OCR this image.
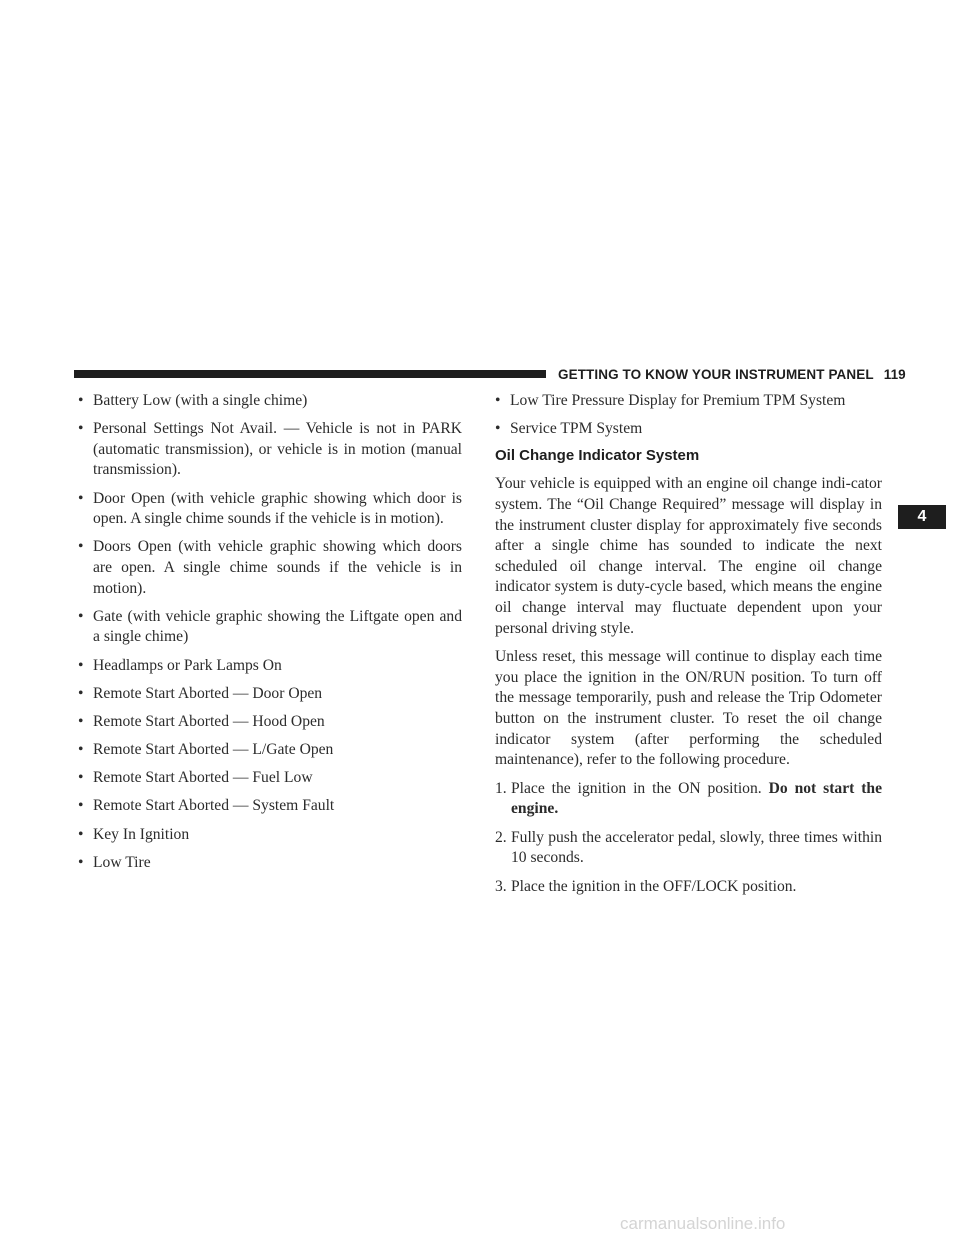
GETTING TO KNOW YOUR INSTRUMENT PANEL 119
4
• Battery Low (with a single chime)
• Personal Settings Not Avail. — Vehicle is not in PARK (automatic transmission), or vehicle is in motion (manual transmission).
• Door Open (with vehicle graphic showing which door is open. A single chime sounds if the vehicle is in motion).
• Doors Open (with vehicle graphic showing which doors are open. A single chime sounds if the vehicle is in motion).
• Gate (with vehicle graphic showing the Liftgate open and a single chime)
• Headlamps or Park Lamps On
• Remote Start Aborted — Door Open
• Remote Start Aborted — Hood Open
• Remote Start Aborted — L/Gate Open
• Remote Start Aborted — Fuel Low
• Remote Start Aborted — System Fault
• Key In Ignition
• Low Tire
• Low Tire Pressure Display for Premium TPM System
• Service TPM System
Oil Change Indicator System

Your vehicle is equipped with an engine oil change indi-cator system. The “Oil Change Required” message will display in the instrument cluster display for approximately five seconds after a single chime has sounded to indicate the next scheduled oil change interval. The engine oil change indicator system is duty-cycle based, which means the engine oil change interval may fluctuate dependent upon your personal driving style.

Unless reset, this message will continue to display each time you place the ignition in the ON/RUN position. To turn off the message temporarily, push and release the Trip Odometer button on the instrument cluster. To reset the oil change indicator system (after performing the scheduled maintenance), refer to the following procedure.

1. Place the ignition in the ON position. Do not start the engine.
2. Fully push the accelerator pedal, slowly, three times within 10 seconds.
3. Place the ignition in the OFF/LOCK position.
carmanualsonline.info
